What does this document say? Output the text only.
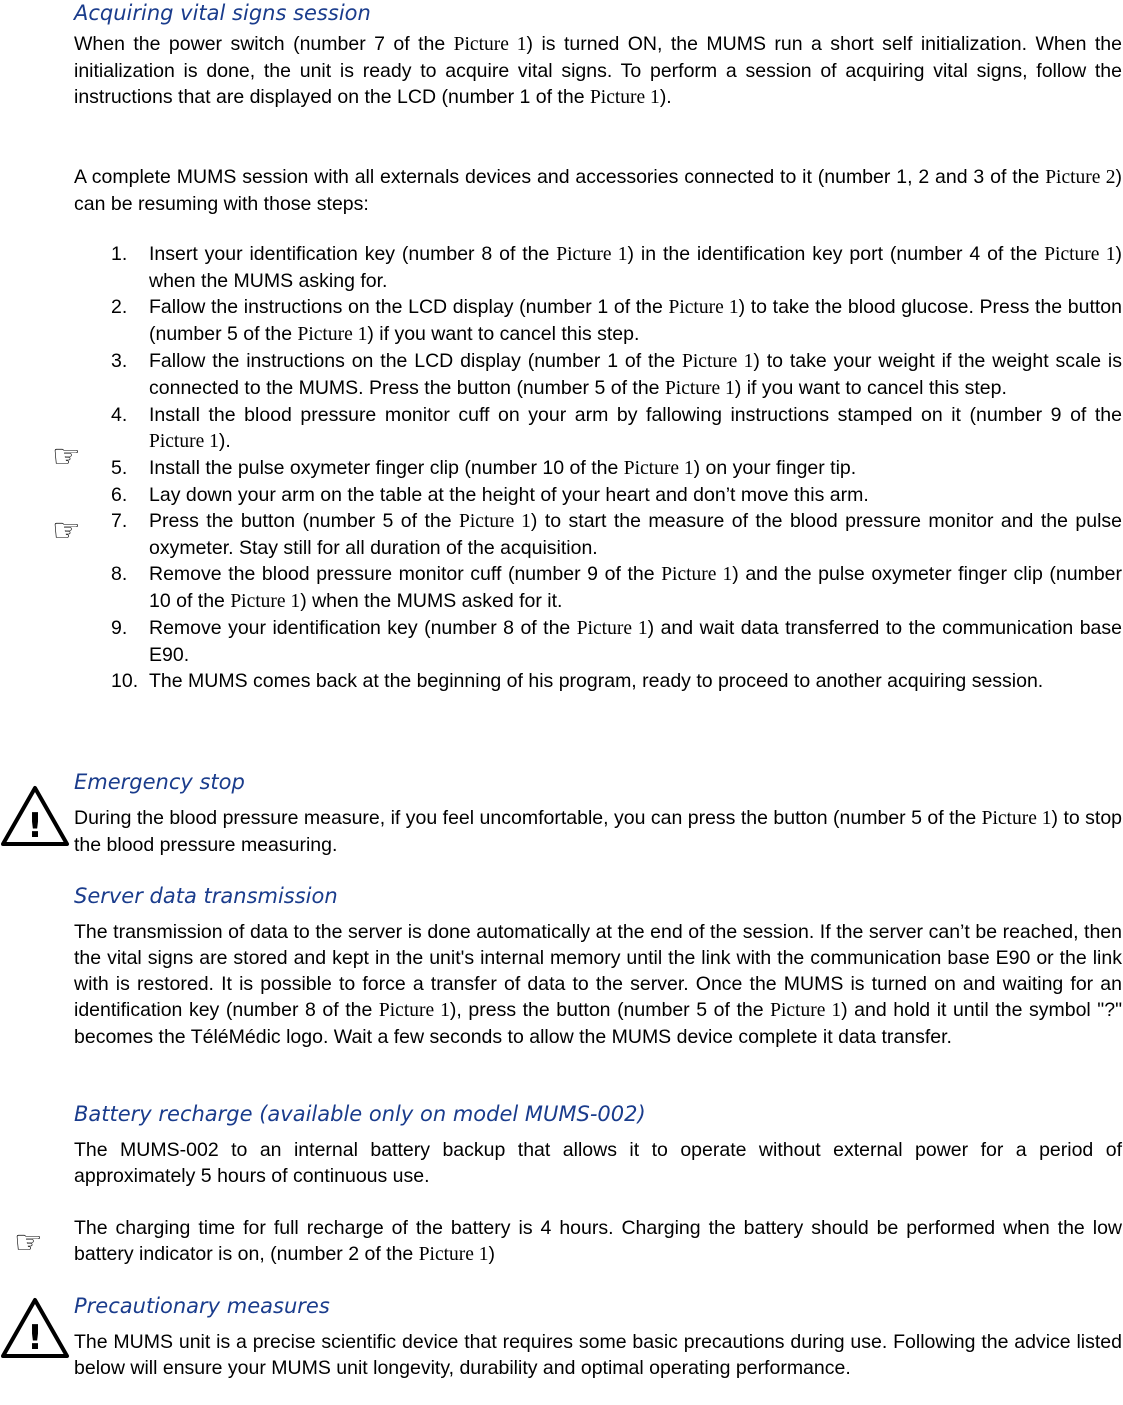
☞
☞
☞
!
!
Acquiring vital signs session

When the power switch (number 7 of the Picture 1) is turned ON, the MUMS run a short self initialization. When the initialization is done, the unit is ready to acquire vital signs. To perform a session of acquiring vital signs, follow the instructions that are displayed on the LCD (number 1 of the Picture 1).

A complete MUMS session with all externals devices and accessories connected to it (number 1, 2 and 3 of the Picture 2) can be resuming with those steps:

1. Insert your identification key (number 8 of the Picture 1) in the identification key port (number 4 of the Picture 1) when the MUMS asking for.
2. Fallow the instructions on the LCD display (number 1 of the Picture 1) to take the blood glucose. Press the button (number 5 of the Picture 1) if you want to cancel this step.
3. Fallow the instructions on the LCD display (number 1 of the Picture 1) to take your weight if the weight scale is connected to the MUMS. Press the button (number 5 of the Picture 1) if you want to cancel this step.
4. Install the blood pressure monitor cuff on your arm by fallowing instructions stamped on it (number 9 of the Picture 1).
5. Install the pulse oxymeter finger clip (number 10 of the Picture 1) on your finger tip.
6. Lay down your arm on the table at the height of your heart and don’t move this arm.
7. Press the button (number 5 of the Picture 1) to start the measure of the blood pressure monitor and the pulse oxymeter. Stay still for all duration of the acquisition.
8. Remove the blood pressure monitor cuff (number 9 of the Picture 1) and the pulse oxymeter finger clip (number 10 of the Picture 1) when the MUMS asked for it.
9. Remove your identification key (number 8 of the Picture 1) and wait data transferred to the communication base E90.
10. The MUMS comes back at the beginning of his program, ready to proceed to another acquiring session.
Emergency stop

During the blood pressure measure, if you feel uncomfortable, you can press the button (number 5 of the Picture 1) to stop the blood pressure measuring.

Server data transmission

The transmission of data to the server is done automatically at the end of the session. If the server can’t be reached, then the vital signs are stored and kept in the unit's internal memory until the link with the communication base E90 or the link with is restored. It is possible to force a transfer of data to the server. Once the MUMS is turned on and waiting for an identification key (number 8 of the Picture 1), press the button (number 5 of the Picture 1) and hold it until the symbol "?" becomes the TéléMédic logo. Wait a few seconds to allow the MUMS device complete it data transfer.

Battery recharge (available only on model MUMS-002)

The MUMS-002 to an internal battery backup that allows it to operate without external power for a period of approximately 5 hours of continuous use.

The charging time for full recharge of the battery is 4 hours. Charging the battery should be performed when the low battery indicator is on, (number 2 of the Picture 1)

Precautionary measures

The MUMS unit is a precise scientific device that requires some basic precautions during use. Following the advice listed below will ensure your MUMS unit longevity, durability and optimal operating performance.
